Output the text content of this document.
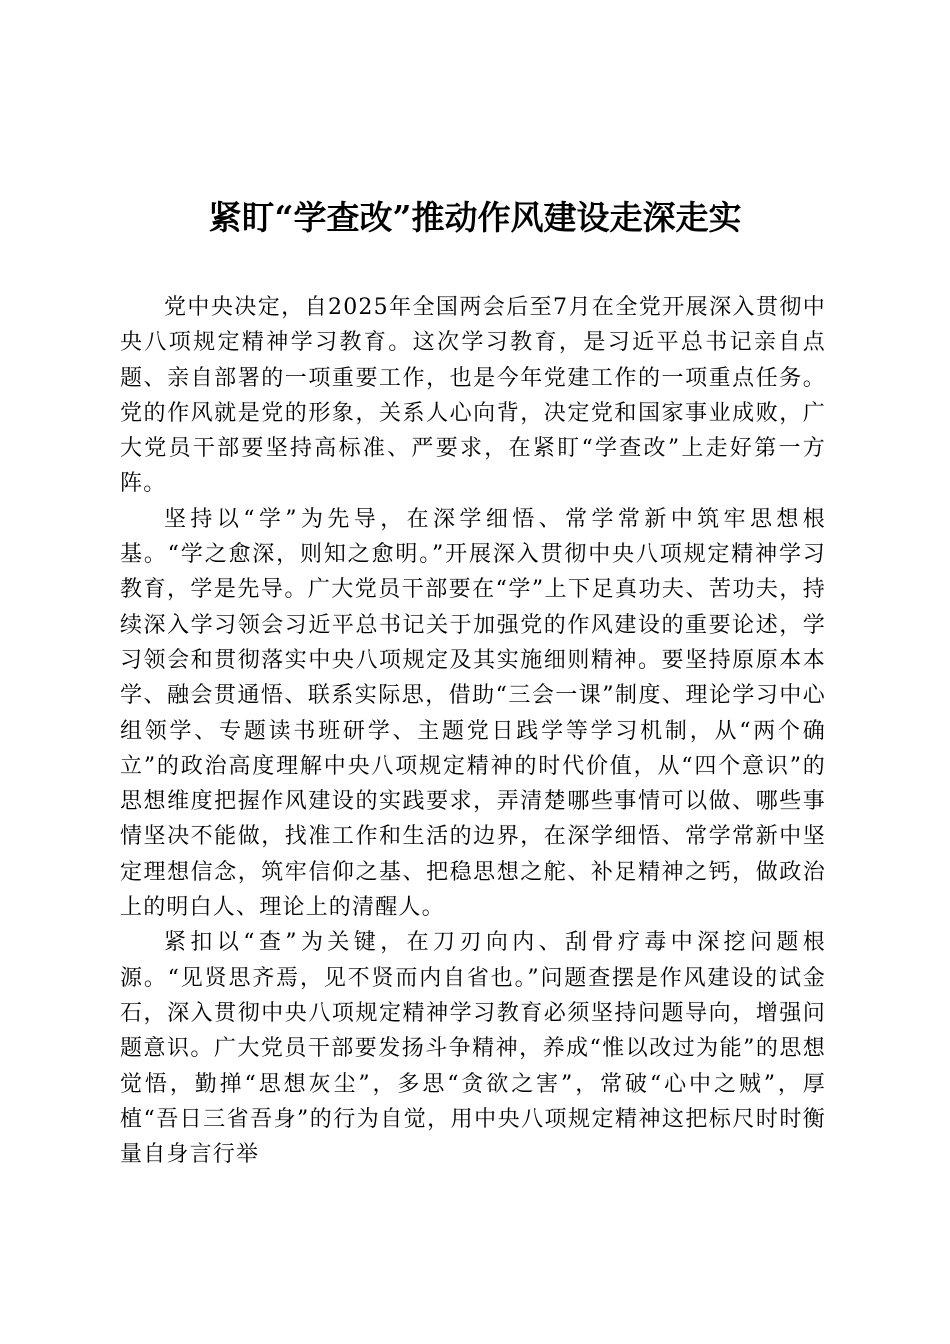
紧盯“学查改”推动作风建设走深走实

党中央决定，自2025年全国两会后至7月在全党开展深入贯彻中央八项规定精神学习教育。这次学习教育，是习近平总书记亲自点题、亲自部署的一项重要工作，也是今年党建工作的一项重点任务。党的作风就是党的形象，关系人心向背，决定党和国家事业成败，广大党员干部要坚持高标准、严要求，在紧盯“学查改”上走好第一方阵。

坚持以“学”为先导，在深学细悟、常学常新中筑牢思想根基。“学之愈深，则知之愈明。”开展深入贯彻中央八项规定精神学习教育，学是先导。广大党员干部要在“学”上下足真功夫、苦功夫，持续深入学习领会习近平总书记关于加强党的作风建设的重要论述，学习领会和贯彻落实中央八项规定及其实施细则精神。要坚持原原本本学、融会贯通悟、联系实际思，借助“三会一课”制度、理论学习中心组领学、专题读书班研学、主题党日践学等学习机制，从“两个确立”的政治高度理解中央八项规定精神的时代价值，从“四个意识”的思想维度把握作风建设的实践要求，弄清楚哪些事情可以做、哪些事情坚决不能做，找准工作和生活的边界，在深学细悟、常学常新中坚定理想信念，筑牢信仰之基、把稳思想之舵、补足精神之钙，做政治上的明白人、理论上的清醒人。

紧扣以“查”为关键，在刀刃向内、刮骨疗毒中深挖问题根源。“见贤思齐焉，见不贤而内自省也。”问题查摆是作风建设的试金石，深入贯彻中央八项规定精神学习教育必须坚持问题导向，增强问题意识。广大党员干部要发扬斗争精神，养成“惟以改过为能”的思想觉悟，勤掸“思想灰尘”，多思“贪欲之害”，常破“心中之贼”，厚植“吾日三省吾身”的行为自觉，用中央八项规定精神这把标尺时时衡量自身言行举
